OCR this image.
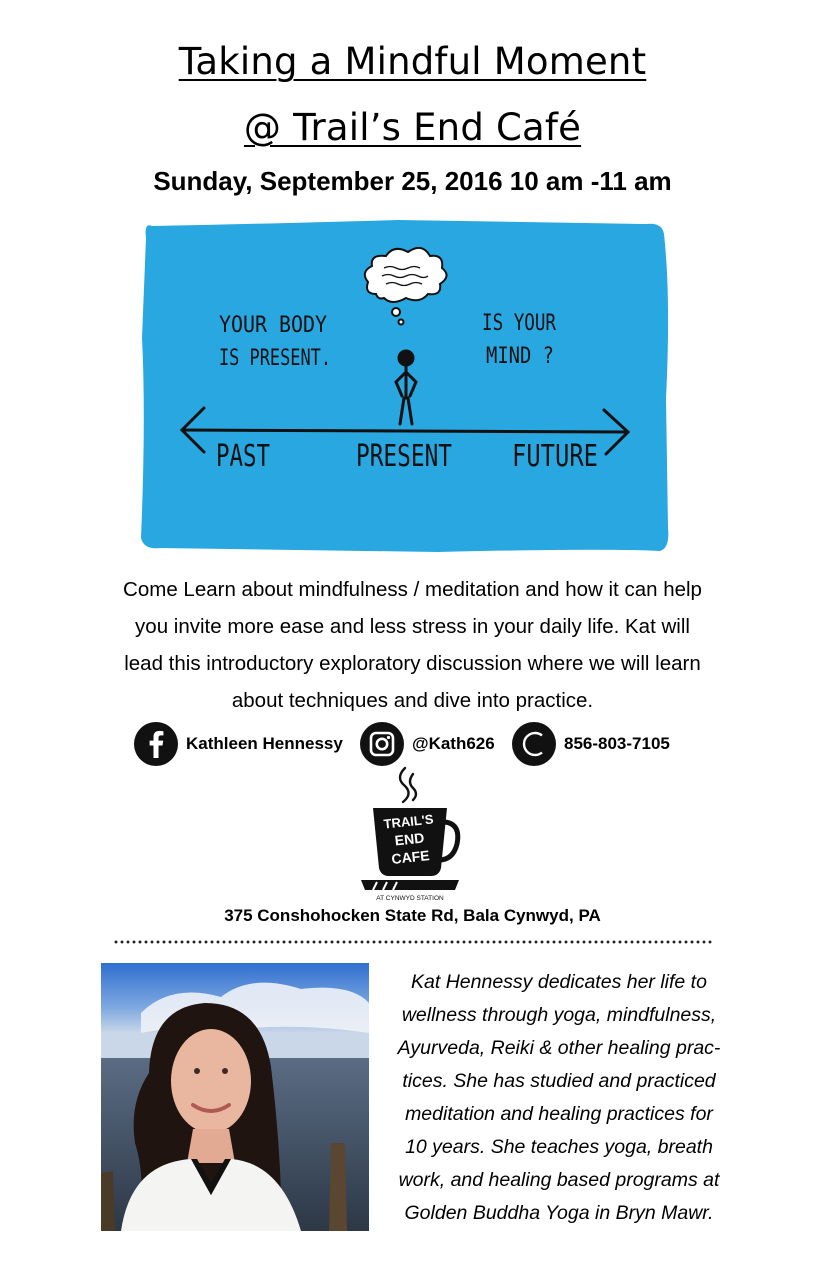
Taking a Mindful Moment
@ Trail’s End Café
Sunday, September 25, 2016 10 am -11 am
YOUR BODY
IS PRESENT.
IS YOUR
MIND ?
PAST	PRESENT FUTURE
Come Learn about mindfulness / meditation and how it can help
you invite more ease and less stress in your daily life. Kat will
lead this introductory exploratory discussion where we will learn
about techniques and dive into practice.
Kathleen Hennessy	@Kath626	856-803-7105
TRAIL'S
END
CAFE
AT CYNWYD STATION
375 Conshohocken State Rd, Bala Cynwyd, PA
Kat Hennessy dedicates her life to
wellness through yoga, mindfulness,
Ayurveda, Reiki & other healing prac-
tices. She has studied and practiced
meditation and healing practices for
10 years. She teaches yoga, breath
work, and healing based programs at
Golden Buddha Yoga in Bryn Mawr.
